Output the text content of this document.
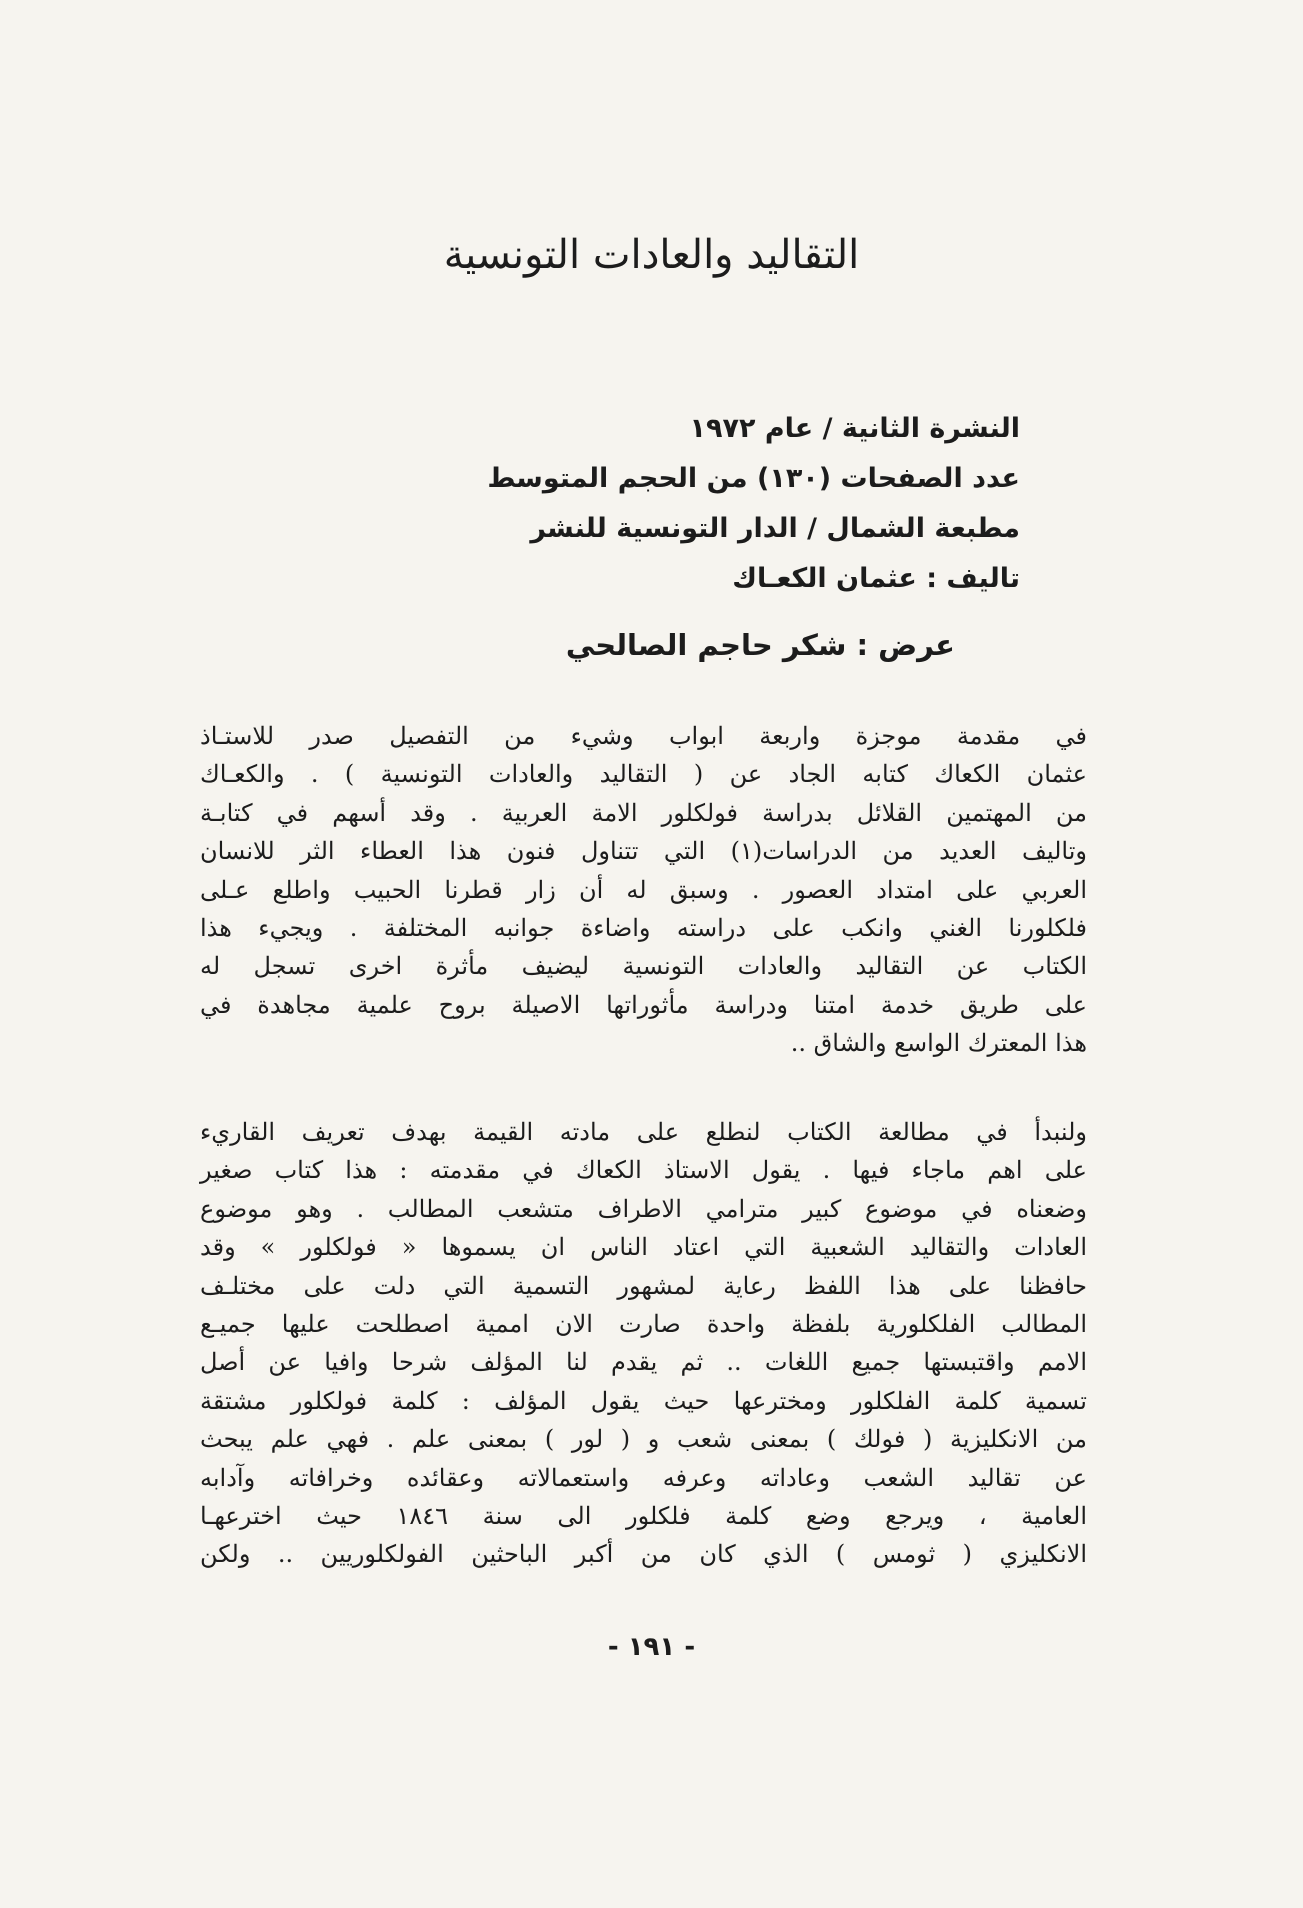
التقاليد والعادات التونسية
النشرة الثانية / عام ١٩٧٢
عدد الصفحات (١٣٠) من الحجم المتوسط
مطبعة الشمال / الدار التونسية للنشر
تاليف : عثمان الكعـاك
عرض : شكر حاجم الصالحي
في مقدمة موجزة واربعة ابواب وشيء من التفصيل صدر للاستـاذ
عثمان الكعاك كتابه الجاد عن ( التقاليد والعادات التونسية ) . والكعـاك
من المهتمين القلائل بدراسة فولكلور الامة العربية . وقد أسهم في كتابـة
وتاليف العديد من الدراسات(١) التي تتناول فنون هذا العطاء الثر للانسان
العربي على امتداد العصور . وسبق له أن زار قطرنا الحبيب واطلع عـلى
فلكلورنا الغني وانكب على دراسته واضاءة جوانبه المختلفة . ويجيء هذا
الكتاب عن التقاليد والعادات التونسية ليضيف مأثرة اخرى تسجل له
على طريق خدمة امتنا ودراسة مأثوراتها الاصيلة بروح علمية مجاهدة في
هذا المعترك الواسع والشاق ..
ولنبدأ في مطالعة الكتاب لنطلع على مادته القيمة بهدف تعريف القاريء
على اهم ماجاء فيها . يقول الاستاذ الكعاك في مقدمته : هذا كتاب صغير
وضعناه في موضوع كبير مترامي الاطراف متشعب المطالب . وهو موضوع
العادات والتقاليد الشعبية التي اعتاد الناس ان يسموها « فولكلور » وقد
حافظنا على هذا اللفظ رعاية لمشهور التسمية التي دلت على مختلـف
المطالب الفلكلورية بلفظة واحدة صارت الان اممية اصطلحت عليها جميـع
الامم واقتبستها جميع اللغات .. ثم يقدم لنا المؤلف شرحا وافيا عن أصل
تسمية كلمة الفلكلور ومخترعها حيث يقول المؤلف : كلمة فولكلور مشتقة
من الانكليزية ( فولك ) بمعنى شعب و ( لور ) بمعنى علم . فهي علم يبحث
عن تقاليد الشعب وعاداته وعرفه واستعمالاته وعقائده وخرافاته وآدابه
العامية ، ويرجع وضع كلمة فلكلور الى سنة ١٨٤٦ حيث اخترعهـا
الانكليزي ( ثومس ) الذي كان من أكبر الباحثين الفولكلوريين .. ولكن
- ١٩١ -
